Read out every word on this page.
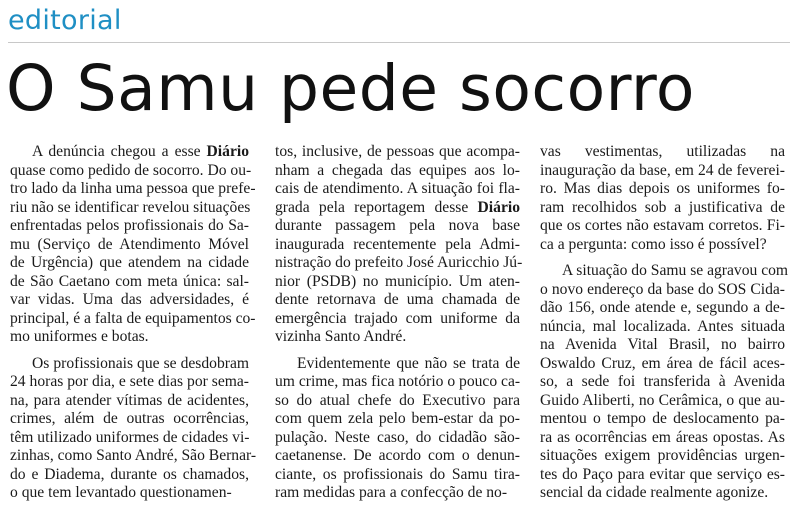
editorial
O Samu pede socorro
A denúncia chegou a esse Diário
quase como pedido de socorro. Do ou-
tro lado da linha uma pessoa que prefe-
riu não se identificar revelou situações
enfrentadas pelos profissionais do Sa-
mu (Serviço de Atendimento Móvel
de Urgência) que atendem na cidade
de São Caetano com meta única: sal-
var vidas. Uma das adversidades, é
principal, é a falta de equipamentos co-
mo uniformes e botas.
Os profissionais que se desdobram
24 horas por dia, e sete dias por sema-
na, para atender vítimas de acidentes,
crimes, além de outras ocorrências,
têm utilizado uniformes de cidades vi-
zinhas, como Santo André, São Bernar-
do e Diadema, durante os chamados,
o que tem levantado questionamen-
tos, inclusive, de pessoas que acompa-
nham a chegada das equipes aos lo-
cais de atendimento. A situação foi fla-
grada pela reportagem desse Diário
durante passagem pela nova base
inaugurada recentemente pela Admi-
nistração do prefeito José Auricchio Jú-
nior (PSDB) no município. Um aten-
dente retornava de uma chamada de
emergência trajado com uniforme da
vizinha Santo André.
Evidentemente que não se trata de
um crime, mas fica notório o pouco ca-
so do atual chefe do Executivo para
com quem zela pelo bem-estar da po-
pulação. Neste caso, do cidadão são-
caetanense. De acordo com o denun-
ciante, os profissionais do Samu tira-
ram medidas para a confecção de no-
vas vestimentas, utilizadas na
inauguração da base, em 24 de feverei-
ro. Mas dias depois os uniformes fo-
ram recolhidos sob a justificativa de
que os cortes não estavam corretos. Fi-
ca a pergunta: como isso é possível?
A situação do Samu se agravou com
o novo endereço da base do SOS Cida-
dão 156, onde atende e, segundo a de-
núncia, mal localizada. Antes situada
na Avenida Vital Brasil, no bairro
Oswaldo Cruz, em área de fácil aces-
so, a sede foi transferida à Avenida
Guido Aliberti, no Cerâmica, o que au-
mentou o tempo de deslocamento pa-
ra as ocorrências em áreas opostas. As
situações exigem providências urgen-
tes do Paço para evitar que serviço es-
sencial da cidade realmente agonize.
